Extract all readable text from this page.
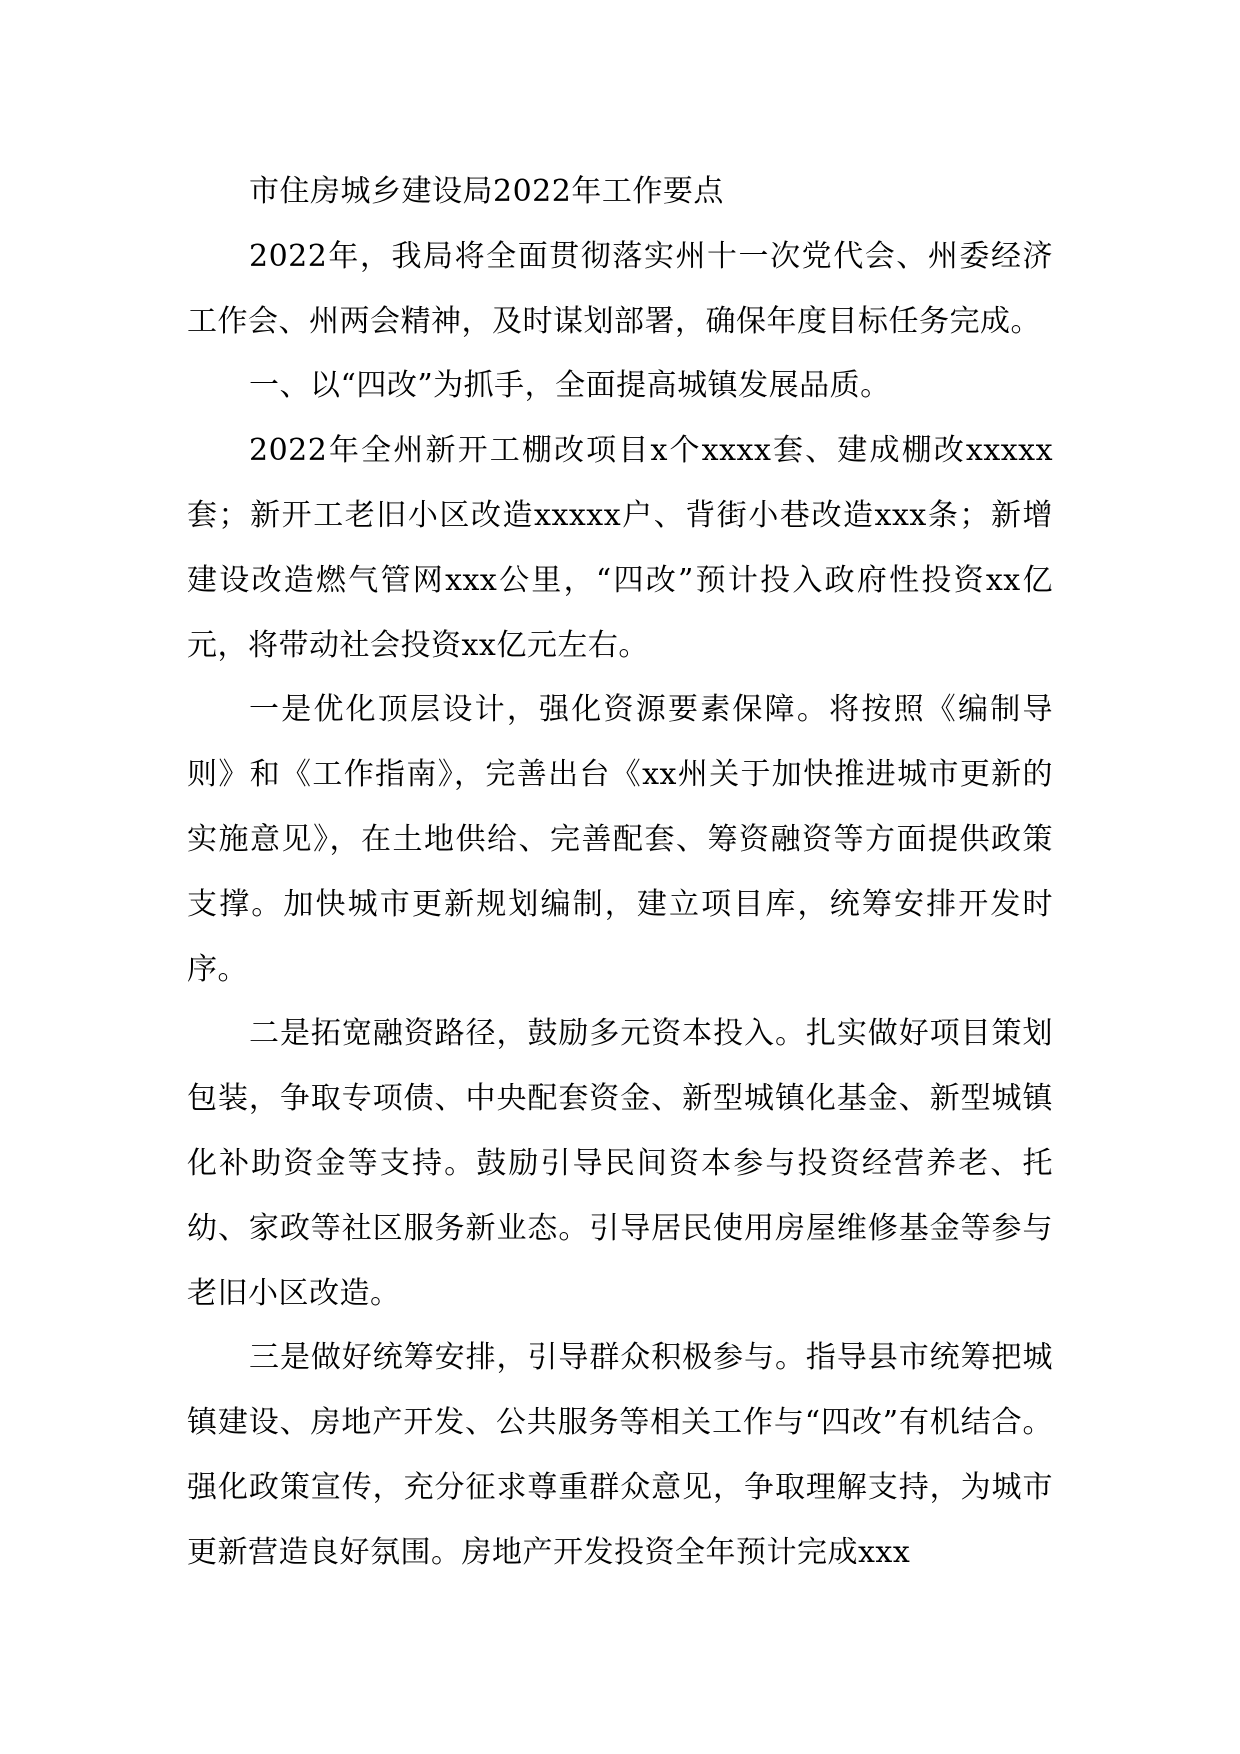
市住房城乡建设局2022年工作要点

2022年，我局将全面贯彻落实州十一次党代会、州委经济工作会、州两会精神，及时谋划部署，确保年度目标任务完成。

一、以“四改”为抓手，全面提高城镇发展品质。

2022年全州新开工棚改项目x个xxxx套、建成棚改xxxxx套；新开工老旧小区改造xxxxx户、背街小巷改造xxx条；新增建设改造燃气管网xxx公里，“四改”预计投入政府性投资xx亿元，将带动社会投资xx亿元左右。

一是优化顶层设计，强化资源要素保障。将按照《编制导则》和《工作指南》，完善出台《xx州关于加快推进城市更新的实施意见》，在土地供给、完善配套、筹资融资等方面提供政策支撑。加快城市更新规划编制，建立项目库，统筹安排开发时序。

二是拓宽融资路径，鼓励多元资本投入。扎实做好项目策划包装，争取专项债、中央配套资金、新型城镇化基金、新型城镇化补助资金等支持。鼓励引导民间资本参与投资经营养老、托幼、家政等社区服务新业态。引导居民使用房屋维修基金等参与老旧小区改造。

三是做好统筹安排，引导群众积极参与。指导县市统筹把城镇建设、房地产开发、公共服务等相关工作与“四改”有机结合。强化政策宣传，充分征求尊重群众意见，争取理解支持，为城市更新营造良好氛围。房地产开发投资全年预计完成xxx
